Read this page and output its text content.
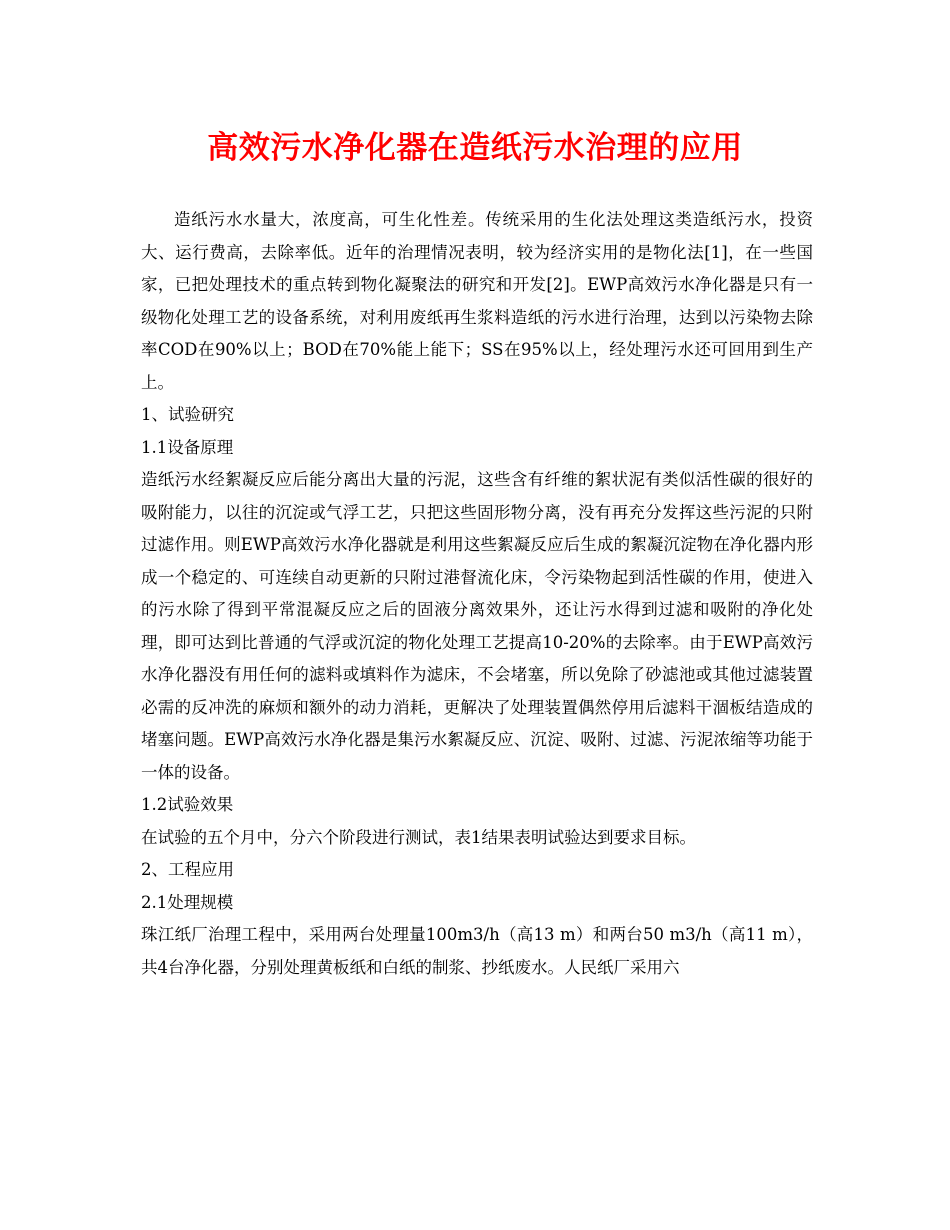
高效污水净化器在造纸污水治理的应用

造纸污水水量大，浓度高，可生化性差。传统采用的生化法处理这类造纸污水，投资大、运行费高，去除率低。近年的治理情况表明，较为经济实用的是物化法[1]，在一些国家，已把处理技术的重点转到物化凝聚法的研究和开发[2]。EWP高效污水净化器是只有一级物化处理工艺的设备系统，对利用废纸再生浆料造纸的污水进行治理，达到以污染物去除率COD在90%以上；BOD在70%能上能下；SS在95%以上，经处理污水还可回用到生产上。

1、试验研究

1.1设备原理

造纸污水经絮凝反应后能分离出大量的污泥，这些含有纤维的絮状泥有类似活性碳的很好的吸附能力，以往的沉淀或气浮工艺，只把这些固形物分离，没有再充分发挥这些污泥的只附过滤作用。则EWP高效污水净化器就是利用这些絮凝反应后生成的絮凝沉淀物在净化器内形成一个稳定的、可连续自动更新的只附过港督流化床，令污染物起到活性碳的作用，使进入的污水除了得到平常混凝反应之后的固液分离效果外，还让污水得到过滤和吸附的净化处理，即可达到比普通的气浮或沉淀的物化处理工艺提高10-20%的去除率。由于EWP高效污水净化器没有用任何的滤料或填料作为滤床，不会堵塞，所以免除了砂滤池或其他过滤装置必需的反冲洗的麻烦和额外的动力消耗，更解决了处理装置偶然停用后滤料干涸板结造成的堵塞问题。EWP高效污水净化器是集污水絮凝反应、沉淀、吸附、过滤、污泥浓缩等功能于一体的设备。

1.2试验效果

在试验的五个月中，分六个阶段进行测试，表1结果表明试验达到要求目标。

2、工程应用

2.1处理规模

珠江纸厂治理工程中，采用两台处理量100m3/h（高13 m）和两台50 m3/h（高11 m），共4台净化器，分别处理黄板纸和白纸的制浆、抄纸废水。人民纸厂采用六
